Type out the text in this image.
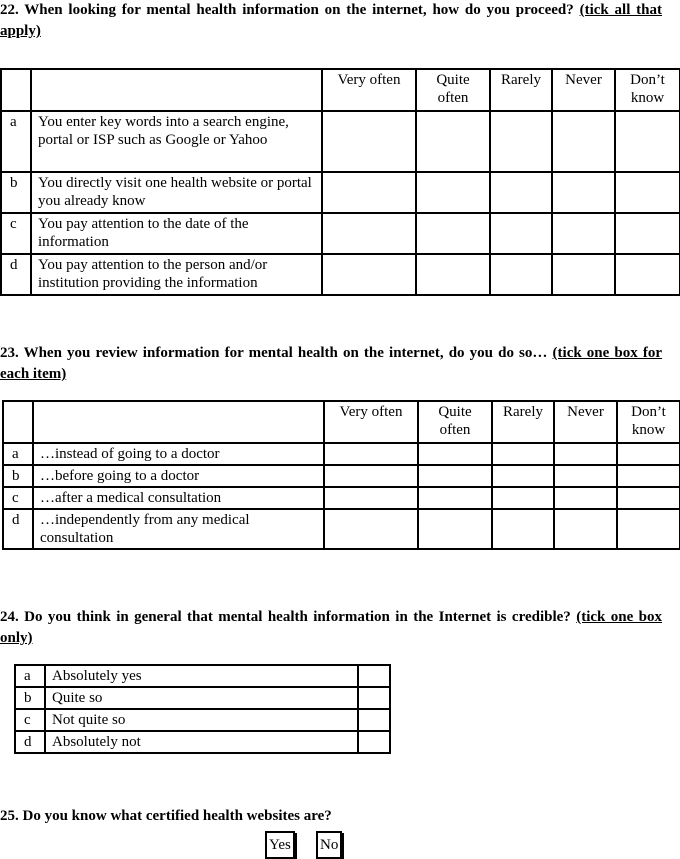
22. When looking for mental health information on the internet, how do you proceed? (tick all that apply)
		Very often	Quite often	Rarely	Never	Don’t know
a	You enter key words into a search engine, portal or ISP such as Google or Yahoo					
b	You directly visit one health website or portal you already know					
c	You pay attention to the date of the information					
d	You pay attention to the person and/or institution providing the information					
23. When you review information for mental health on the internet, do you do so… (tick one box for each item)
		Very often	Quite often	Rarely	Never	Don’t know
a	…instead of going to a doctor					
b	…before going to a doctor					
c	…after a medical consultation					
d	…independently from any medical consultation					
24. Do you think in general that mental health information in the Internet is credible? (tick one box only)
a	Absolutely yes	
b	Quite so	
c	Not quite so	
d	Absolutely not	
25. Do you know what certified health websites are?
Yes No
